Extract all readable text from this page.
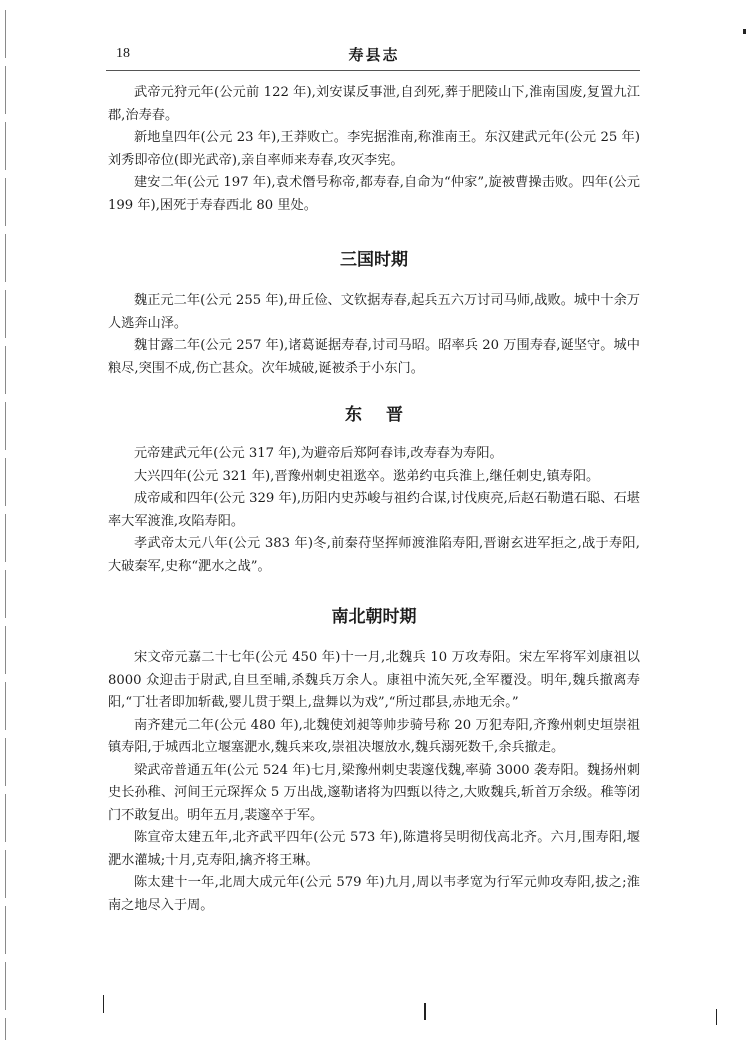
18	寿县志

武帝元狩元年(公元前 122 年),刘安谋反事泄,自刭死,葬于肥陵山下,淮南国废,复置九江郡,治寿春。

新地皇四年(公元 23 年),王莽败亡。李宪据淮南,称淮南王。东汉建武元年(公元 25 年)刘秀即帝位(即光武帝),亲自率师来寿春,攻灭李宪。

建安二年(公元 197 年),袁术僭号称帝,都寿春,自命为“仲家”,旋被曹操击败。四年(公元 199 年),困死于寿春西北 80 里处。

三国时期

魏正元二年(公元 255 年),毌丘俭、文钦据寿春,起兵五六万讨司马师,战败。城中十余万人逃奔山泽。

魏甘露二年(公元 257 年),诸葛诞据寿春,讨司马昭。昭率兵 20 万围寿春,诞坚守。城中粮尽,突围不成,伤亡甚众。次年城破,诞被杀于小东门。

东晋

元帝建武元年(公元 317 年),为避帝后郑阿春讳,改寿春为寿阳。

大兴四年(公元 321 年),晋豫州刺史祖逖卒。逖弟约屯兵淮上,继任刺史,镇寿阳。

成帝咸和四年(公元 329 年),历阳内史苏峻与祖约合谋,讨伐庾亮,后赵石勒遣石聪、石堪率大军渡淮,攻陷寿阳。

孝武帝太元八年(公元 383 年)冬,前秦苻坚挥师渡淮陷寿阳,晋谢玄进军拒之,战于寿阳,大破秦军,史称“淝水之战”。

南北朝时期

宋文帝元嘉二十七年(公元 450 年)十一月,北魏兵 10 万攻寿阳。宋左军将军刘康祖以 8000 众迎击于尉武,自旦至晡,杀魏兵万余人。康祖中流矢死,全军覆没。明年,魏兵撤离寿阳,“丁壮者即加斩截,婴儿贯于槊上,盘舞以为戏”,“所过郡县,赤地无余。”

南齐建元二年(公元 480 年),北魏使刘昶等帅步骑号称 20 万犯寿阳,齐豫州刺史垣崇祖镇寿阳,于城西北立堰塞淝水,魏兵来攻,崇祖决堰放水,魏兵溺死数千,余兵撤走。

梁武帝普通五年(公元 524 年)七月,梁豫州刺史裴邃伐魏,率骑 3000 袭寿阳。魏扬州刺史长孙稚、河间王元琛挥众 5 万出战,邃勒诸将为四甄以待之,大败魏兵,斩首万余级。稚等闭门不敢复出。明年五月,裴邃卒于军。

陈宣帝太建五年,北齐武平四年(公元 573 年),陈遣将吴明彻伐高北齐。六月,围寿阳,堰淝水灌城;十月,克寿阳,擒齐将王琳。

陈太建十一年,北周大成元年(公元 579 年)九月,周以韦孝宽为行军元帅攻寿阳,拔之;淮南之地尽入于周。
